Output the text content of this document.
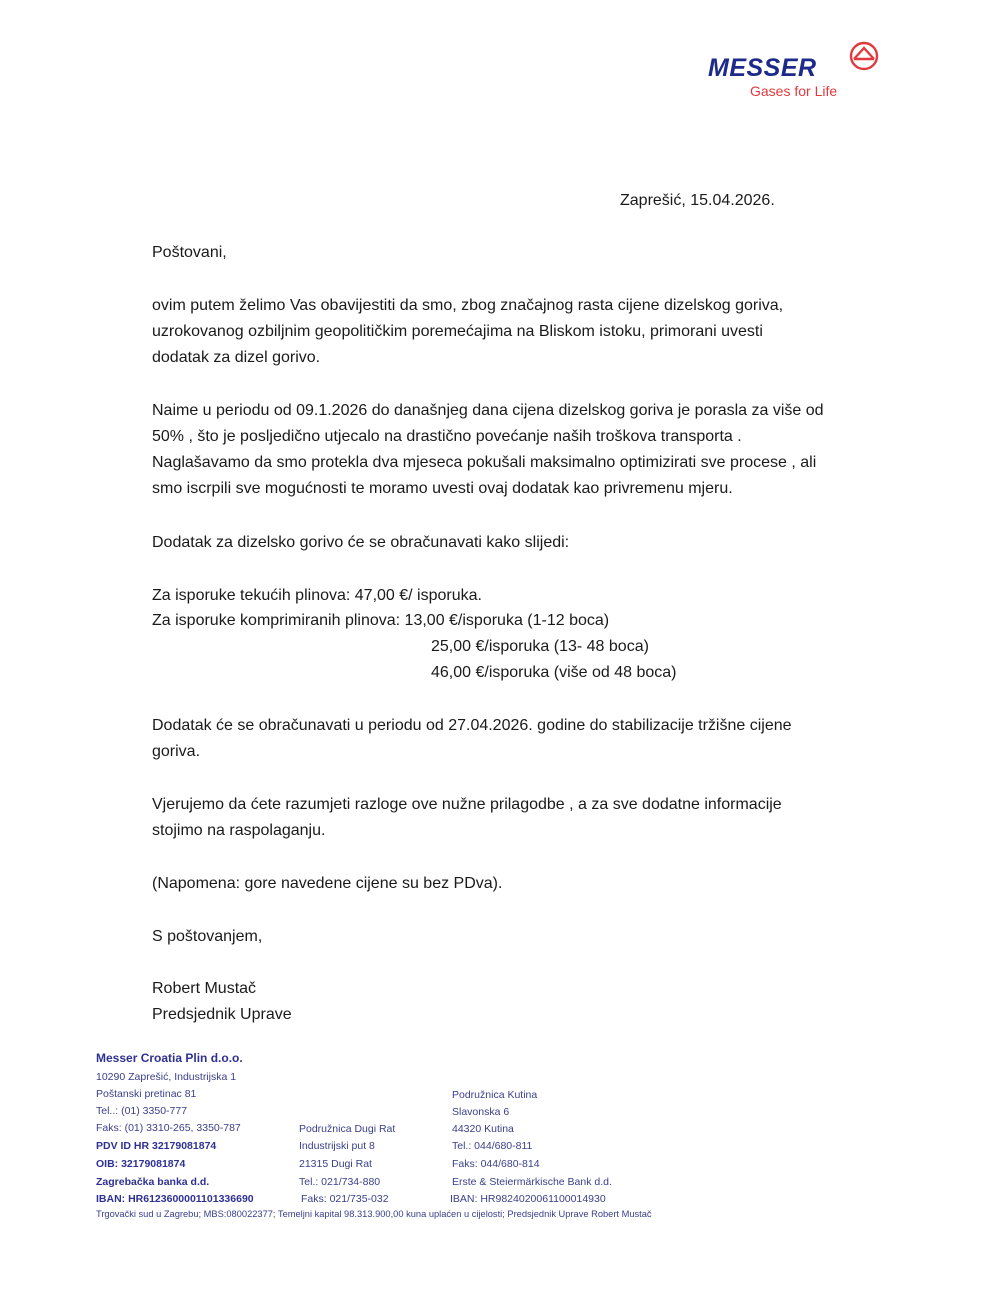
MESSER
Gases for Life
Zaprešić, 15.04.2026.
Poštovani,
ovim putem želimo Vas obavijestiti da smo, zbog značajnog rasta cijene dizelskog goriva,
uzrokovanog ozbiljnim geopolitičkim poremećajima na Bliskom istoku, primorani uvesti
dodatak za dizel gorivo.
Naime u periodu od 09.1.2026 do današnjeg dana cijena dizelskog goriva je porasla za više od
50% , što je posljedično utjecalo na drastično povećanje naših troškova transporta .
Naglašavamo da smo protekla dva mjeseca pokušali maksimalno optimizirati sve procese , ali
smo iscrpili sve mogućnosti te moramo uvesti ovaj dodatak kao privremenu mjeru.
Dodatak za dizelsko gorivo će se obračunavati kako slijedi:
Za isporuke tekućih plinova: 47,00 €/ isporuka.
Za isporuke komprimiranih plinova: 13,00 €/isporuka (1-12 boca)
25,00 €/isporuka (13- 48 boca)
46,00 €/isporuka (više od 48 boca)
Dodatak će se obračunavati u periodu od 27.04.2026. godine do stabilizacije tržišne cijene
goriva.
Vjerujemo da ćete razumjeti razloge ove nužne prilagodbe , a za sve dodatne informacije
stojimo na raspolaganju.
(Napomena: gore navedene cijene su bez PDva).
S poštovanjem,
Robert Mustač
Predsjednik Uprave
Messer Croatia Plin d.o.o.
10290 Zaprešić, Industrijska 1
Poštanski pretinac 81
Tel..: (01) 3350-777
Faks: (01) 3310-265, 3350-787
PDV ID HR 32179081874
OIB: 32179081874
Zagrebačka banka d.d.
IBAN: HR6123600001101336690
Podružnica Dugi Rat
Industrijski put 8
21315 Dugi Rat
Tel.: 021/734-880
Faks: 021/735-032
Podružnica Kutina
Slavonska 6
44320 Kutina
Tel.: 044/680-811
Faks: 044/680-814
Erste & Steiermärkische Bank d.d.
IBAN: HR9824020061100014930
Trgovački sud u Zagrebu; MBS:080022377; Temeljni kapital 98.313.900,00 kuna uplaćen u cijelosti; Predsjednik Uprave Robert Mustač
